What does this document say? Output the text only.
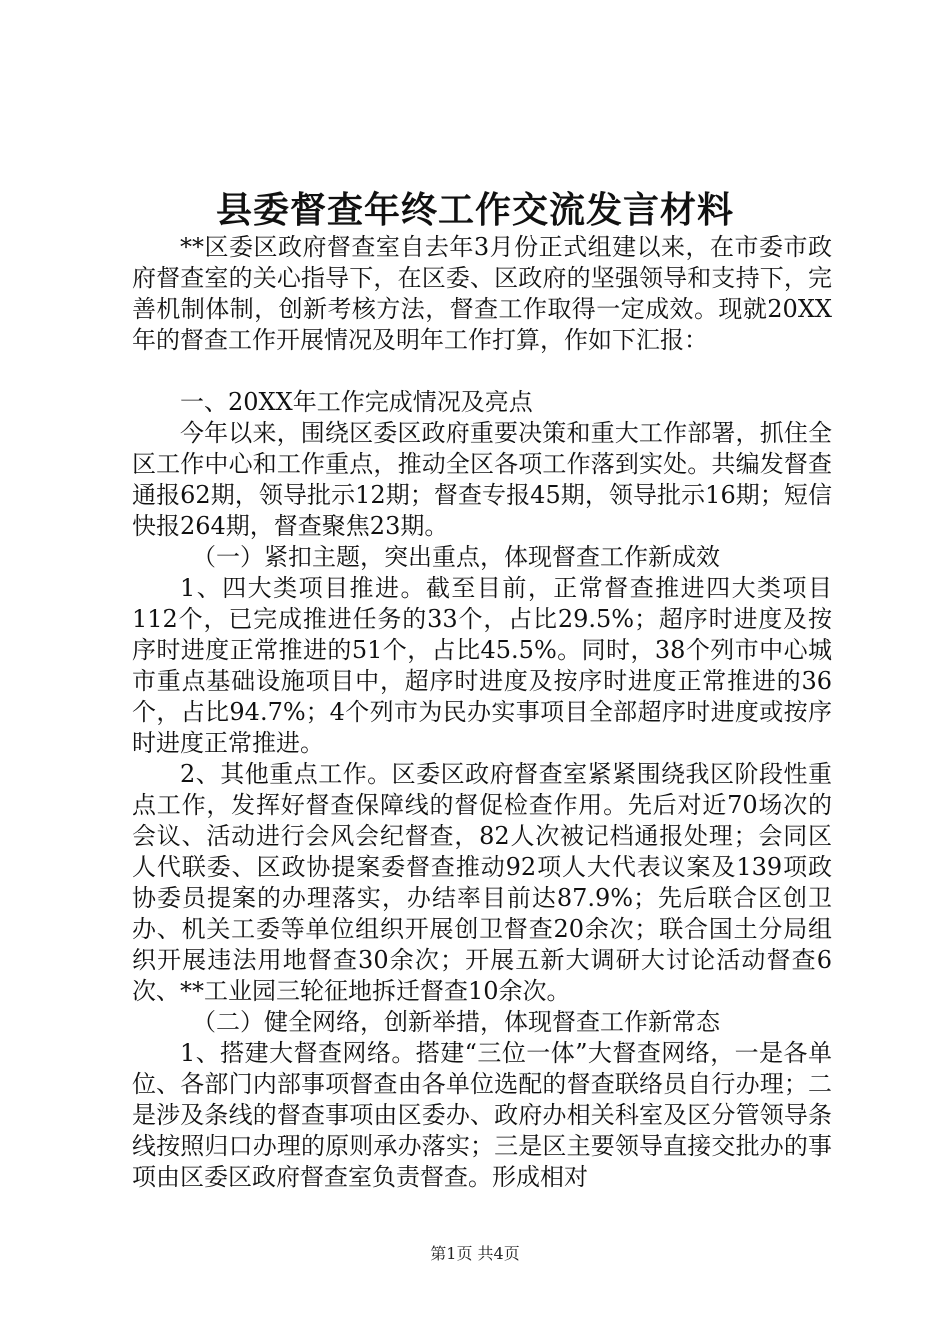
县委督查年终工作交流发言材料

**区委区政府督查室自去年3月份正式组建以来，在市委市政府督查室的关心指导下，在区委、区政府的坚强领导和支持下，完善机制体制，创新考核方法，督查工作取得一定成效。现就20XX年的督查工作开展情况及明年工作打算，作如下汇报：

一、20XX年工作完成情况及亮点

今年以来，围绕区委区政府重要决策和重大工作部署，抓住全区工作中心和工作重点，推动全区各项工作落到实处。共编发督查通报62期，领导批示12期；督查专报45期，领导批示16期；短信快报264期，督查聚焦23期。

（一）紧扣主题，突出重点，体现督查工作新成效

1、四大类项目推进。截至目前，正常督查推进四大类项目112个，已完成推进任务的33个，占比29.5%；超序时进度及按序时进度正常推进的51个，占比45.5%。同时，38个列市中心城市重点基础设施项目中，超序时进度及按序时进度正常推进的36个，占比94.7%；4个列市为民办实事项目全部超序时进度或按序时进度正常推进。

2、其他重点工作。区委区政府督查室紧紧围绕我区阶段性重点工作，发挥好督查保障线的督促检查作用。先后对近70场次的会议、活动进行会风会纪督查，82人次被记档通报处理；会同区人代联委、区政协提案委督查推动92项人大代表议案及139项政协委员提案的办理落实，办结率目前达87.9%；先后联合区创卫办、机关工委等单位组织开展创卫督查20余次；联合国土分局组织开展违法用地督查30余次；开展五新大调研大讨论活动督查6次、**工业园三轮征地拆迁督查10余次。

（二）健全网络，创新举措，体现督查工作新常态

1、搭建大督查网络。搭建“三位一体”大督查网络，一是各单位、各部门内部事项督查由各单位选配的督查联络员自行办理；二是涉及条线的督查事项由区委办、政府办相关科室及区分管领导条线按照归口办理的原则承办落实；三是区主要领导直接交批办的事项由区委区政府督查室负责督查。形成相对

第1页 共4页
